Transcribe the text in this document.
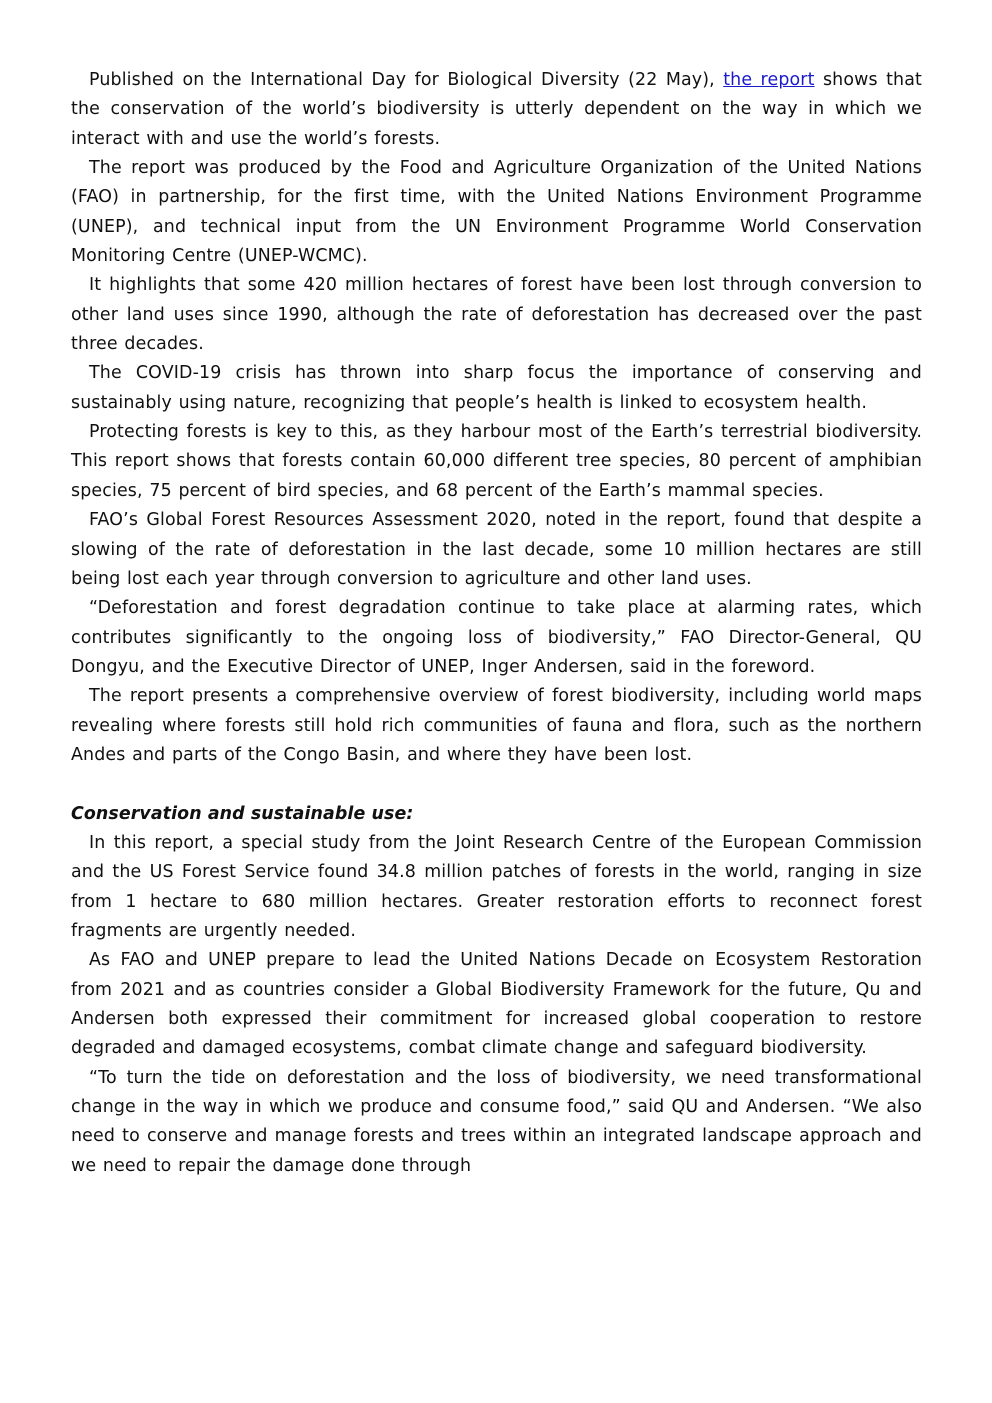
Published on the International Day for Biological Diversity (22 May), the report shows that the conservation of the world’s biodiversity is utterly dependent on the way in which we interact with and use the world’s forests.

The report was produced by the Food and Agriculture Organization of the United Nations (FAO) in partnership, for the first time, with the United Nations Environment Programme (UNEP), and technical input from the UN Environment Programme World Conservation Monitoring Centre (UNEP-WCMC).

It highlights that some 420 million hectares of forest have been lost through conversion to other land uses since 1990, although the rate of deforestation has decreased over the past three decades.

The COVID-19 crisis has thrown into sharp focus the importance of conserving and sustainably using nature, recognizing that people’s health is linked to ecosystem health.

Protecting forests is key to this, as they harbour most of the Earth’s terrestrial biodiversity. This report shows that forests contain 60,000 different tree species, 80 percent of amphibian species, 75 percent of bird species, and 68 percent of the Earth’s mammal species.

FAO’s Global Forest Resources Assessment 2020, noted in the report, found that despite a slowing of the rate of deforestation in the last decade, some 10 million hectares are still being lost each year through conversion to agriculture and other land uses.

“Deforestation and forest degradation continue to take place at alarming rates, which contributes significantly to the ongoing loss of biodiversity,” FAO Director-General, QU Dongyu, and the Executive Director of UNEP, Inger Andersen, said in the foreword.

The report presents a comprehensive overview of forest biodiversity, including world maps revealing where forests still hold rich communities of fauna and flora, such as the northern Andes and parts of the Congo Basin, and where they have been lost.

Conservation and sustainable use:

In this report, a special study from the Joint Research Centre of the European Commission and the US Forest Service found 34.8 million patches of forests in the world, ranging in size from 1 hectare to 680 million hectares. Greater restoration efforts to reconnect forest fragments are urgently needed.

As FAO and UNEP prepare to lead the United Nations Decade on Ecosystem Restoration from 2021 and as countries consider a Global Biodiversity Framework for the future, Qu and Andersen both expressed their commitment for increased global cooperation to restore degraded and damaged ecosystems, combat climate change and safeguard biodiversity.

“To turn the tide on deforestation and the loss of biodiversity, we need transformational change in the way in which we produce and consume food,” said QU and Andersen. “We also need to conserve and manage forests and trees within an integrated landscape approach and we need to repair the damage done through
